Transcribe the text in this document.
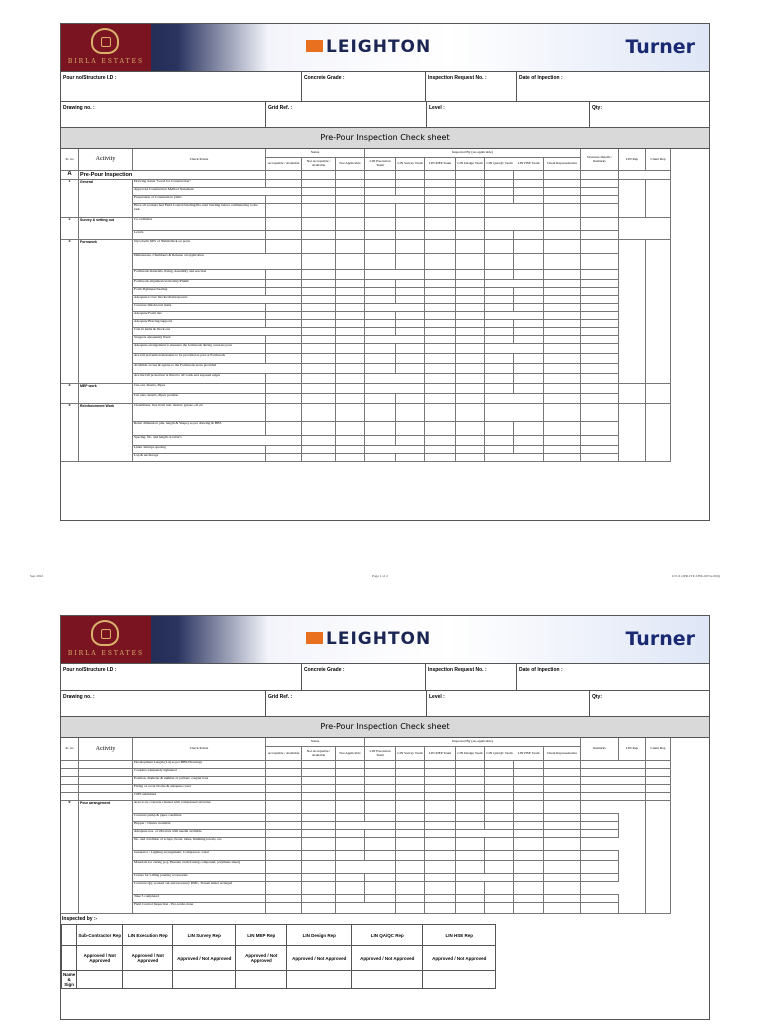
BIRLA ESTATES
LEIGHTON	Turner
Pour no/Structure I.D :	Concrete Grade :	Inspection Request No. :	Date of Inpection :
Drawing no. :	Grid Ref. :	Level :	Qty:
Pre-Pour Inspection Check sheet
Sr. no	Activity	Check Points
Status	Inspected By (As applicable)
Structure Details / Remarks	LIN Rep	Client Rep
Acceptable / Available	Not Acceptable / Available	Not Applicable	LIN Execution Team	LIN Survey Team	LIN MEP Team	LIN Design Team	LIN QA/QC Team	LIN HSE Team	Client Representative
A	Pre-Pour Inspection
1	General	Drawing status "Good for Construction"
Approved Construction Method Statement
Preparation of Construction joints
Have all workers had Field Control briefing/Pre-start briefing before commencing to the task
2	Survey & setting out	Co-ordinates
Levels
3	Formwork	Styrofoam XPS of 50mm thick on posts
Dimensions, Chamfaers & Release oil application
Formwork materials, fixing, Assembly and erection
Formwork alignment/verticality/Plumb
Form Tightness/Sealing
Adequate Cover blocks/chairs/spacers
Concrete finish level mark
Adequate Form ties
Adequate Bracing/supports
Cast in items & block out
Stoppers adequately fixed
Adequate arrangement to measure the formwork during concrete pour
Are fall prevention measures to be provided as part of Formwork
Available access & egress to the Formwork areas provided
Are the fall protection is fitted to all voids and exposed edges
4	MEP work	Cut-out, Inserts, Pipes
Cut outs, inserts, Pipes position
5	Reinforcement Work	Cleanliness, free from rust, mortar, grease, oil etc
Rebar dimension (dia, length & Shape) as per drawing & BBS
Spacing, No. and length of rebar's
Links /stirrups spacing
Lap & anchorage
Sep 2022	Page 1 of 2	LT1/4 OPR-ITP-CHK-007A-00(i)
BIRLA ESTATES
LEIGHTON	Turner
Pour no/Structure I.D :	Concrete Grade :	Inspection Request No. :	Date of Inpection :
Drawing no. :	Grid Ref. :	Level :	Qty:
Pre-Pour Inspection Check sheet
Sr. no	Activity	Check Points
Status	Inspected By (As applicable)
Remarks	LIN Rep	Client Rep
Acceptable / Available	Not Acceptable / Available	Not Applicable	LIN Execution Team	LIN Survey Team	LIN MEP Team	LIN Design Team	LIN QA/QC Team	LIN HSE Team	Client Representative
Development Length (Ld) as per BBS/Drawings
Couplers adequately tightened
Position, diameter & number of pullout/ coupler bars
Fixing of cover blocks & adequate cover
CMS submitted
6	Pour arrangement	Area to be concrete cleaned with compressed air/water.
Concrete pump & pipes condition
Hopper / Chutes available
Adequate nos. of vibrators with needle available
No. and condition of scraps, floats, tubes, finishing towels, etc.
Generator / Lighting arrangement, Compressor, water
Materials for curing (e.g. Hessian cloth/Curing compound, polythene sheet)
Cranes for Lifting pouring accessories
Concrete Qty worked out and necessary RMC, Transit mixer arranged
Take 5 completed
Field Control Inspection - Pre-works done
Inspected by :-
	Sub-Contractor Rep	LIN Execution Rep	LIN Survey Rep	LIN MEP Rep	LIN Design Rep	LIN QA/QC Rep	LIN HSE Rep
	Approved / Not Approved	Approved / Not Approved	Approved / Not Approved	Approved / Not Approved	Approved / Not Approved	Approved / Not Approved	Approved / Not Approved
Name & Sign							
